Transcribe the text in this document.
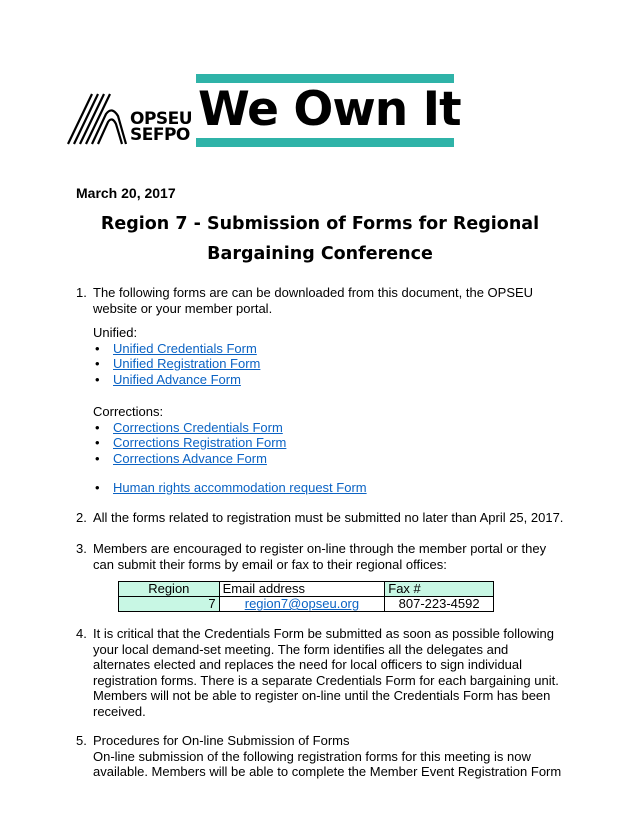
OPSEU
SEFPO We Own It
March 20, 2017
Region 7 - Submission of Forms for Regional Bargaining Conference
1. The following forms are can be downloaded from this document, the OPSEU website or your member portal.
Unified:
• Unified Credentials Form
• Unified Registration Form
• Unified Advance Form
Corrections:
• Corrections Credentials Form
• Corrections Registration Form
• Corrections Advance Form
• Human rights accommodation request Form
2. All the forms related to registration must be submitted no later than April 25, 2017.
3. Members are encouraged to register on-line through the member portal or they can submit their forms by email or fax to their regional offices:
Region	Email address	Fax #
7	region7@opseu.org	807-223-4592
4. It is critical that the Credentials Form be submitted as soon as possible following your local demand-set meeting. The form identifies all the delegates and alternates elected and replaces the need for local officers to sign individual registration forms. There is a separate Credentials Form for each bargaining unit. Members will not be able to register on-line until the Credentials Form has been received.
5. Procedures for On-line Submission of Forms
On-line submission of the following registration forms for this meeting is now available. Members will be able to complete the Member Event Registration Form
